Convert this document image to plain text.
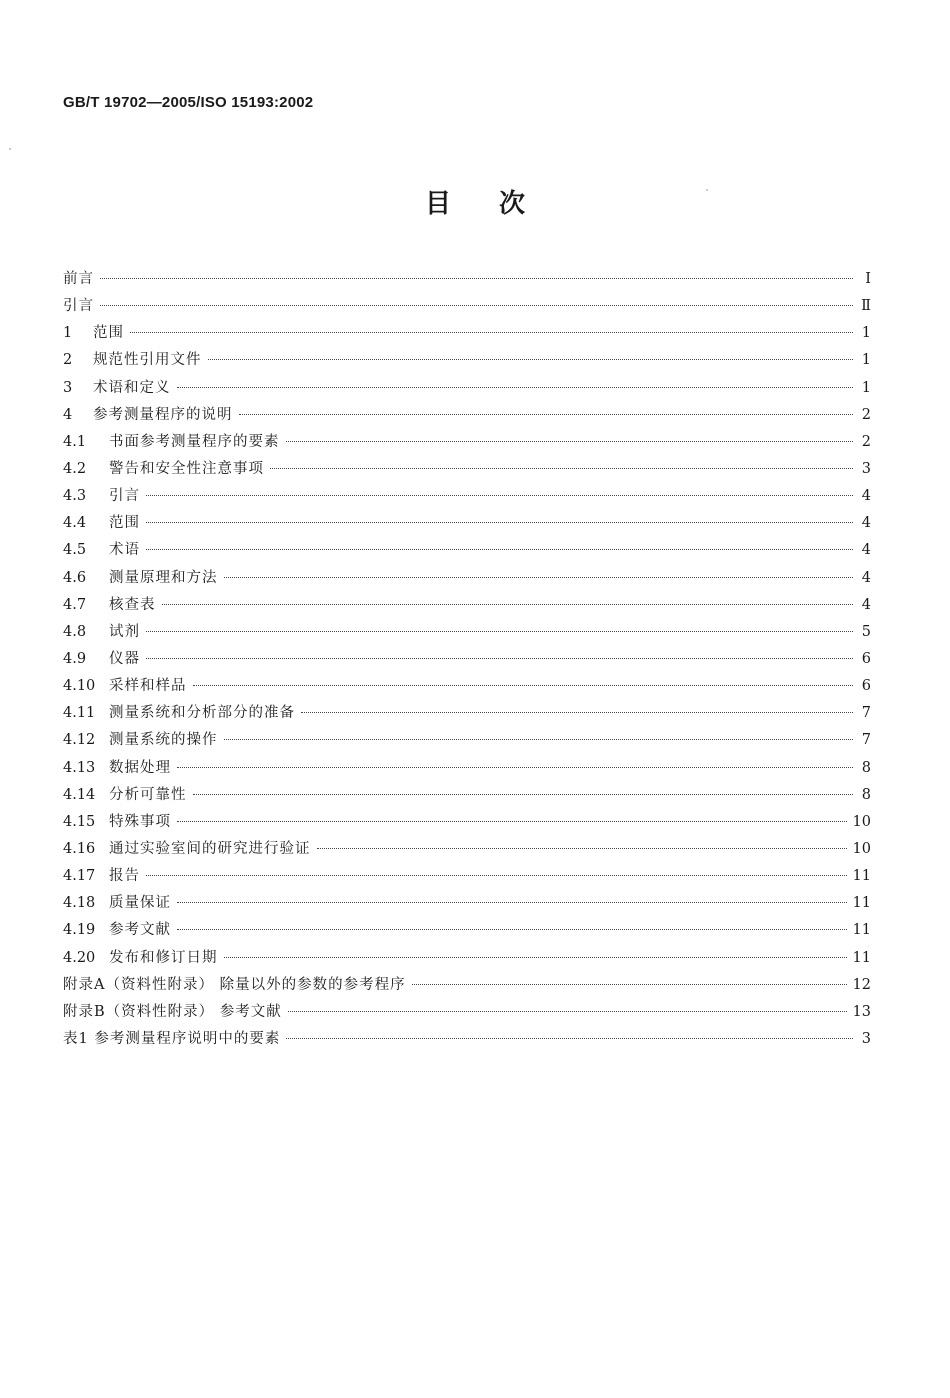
GB/T 19702—2005/ISO 15193:2002
目次
前言	Ⅰ
引言	Ⅱ
1	范围	1
2	规范性引用文件	1
3	术语和定义	1
4	参考测量程序的说明	2
4.1	书面参考测量程序的要素	2
4.2	警告和安全性注意事项	3
4.3	引言	4
4.4	范围	4
4.5	术语	4
4.6	测量原理和方法	4
4.7	核查表	4
4.8	试剂	5
4.9	仪器	6
4.10 采样和样品	6
4.11 测量系统和分析部分的准备	7
4.12 测量系统的操作	7
4.13 数据处理	8
4.14 分析可靠性	8
4.15 特殊事项	10
4.16 通过实验室间的研究进行验证	10
4.17 报告	11
4.18 质量保证	11
4.19 参考文献	11
4.20 发布和修订日期	11
附录A（资料性附录） 除量以外的参数的参考程序	12
附录B（资料性附录） 参考文献	13
表1 参考测量程序说明中的要素	3
